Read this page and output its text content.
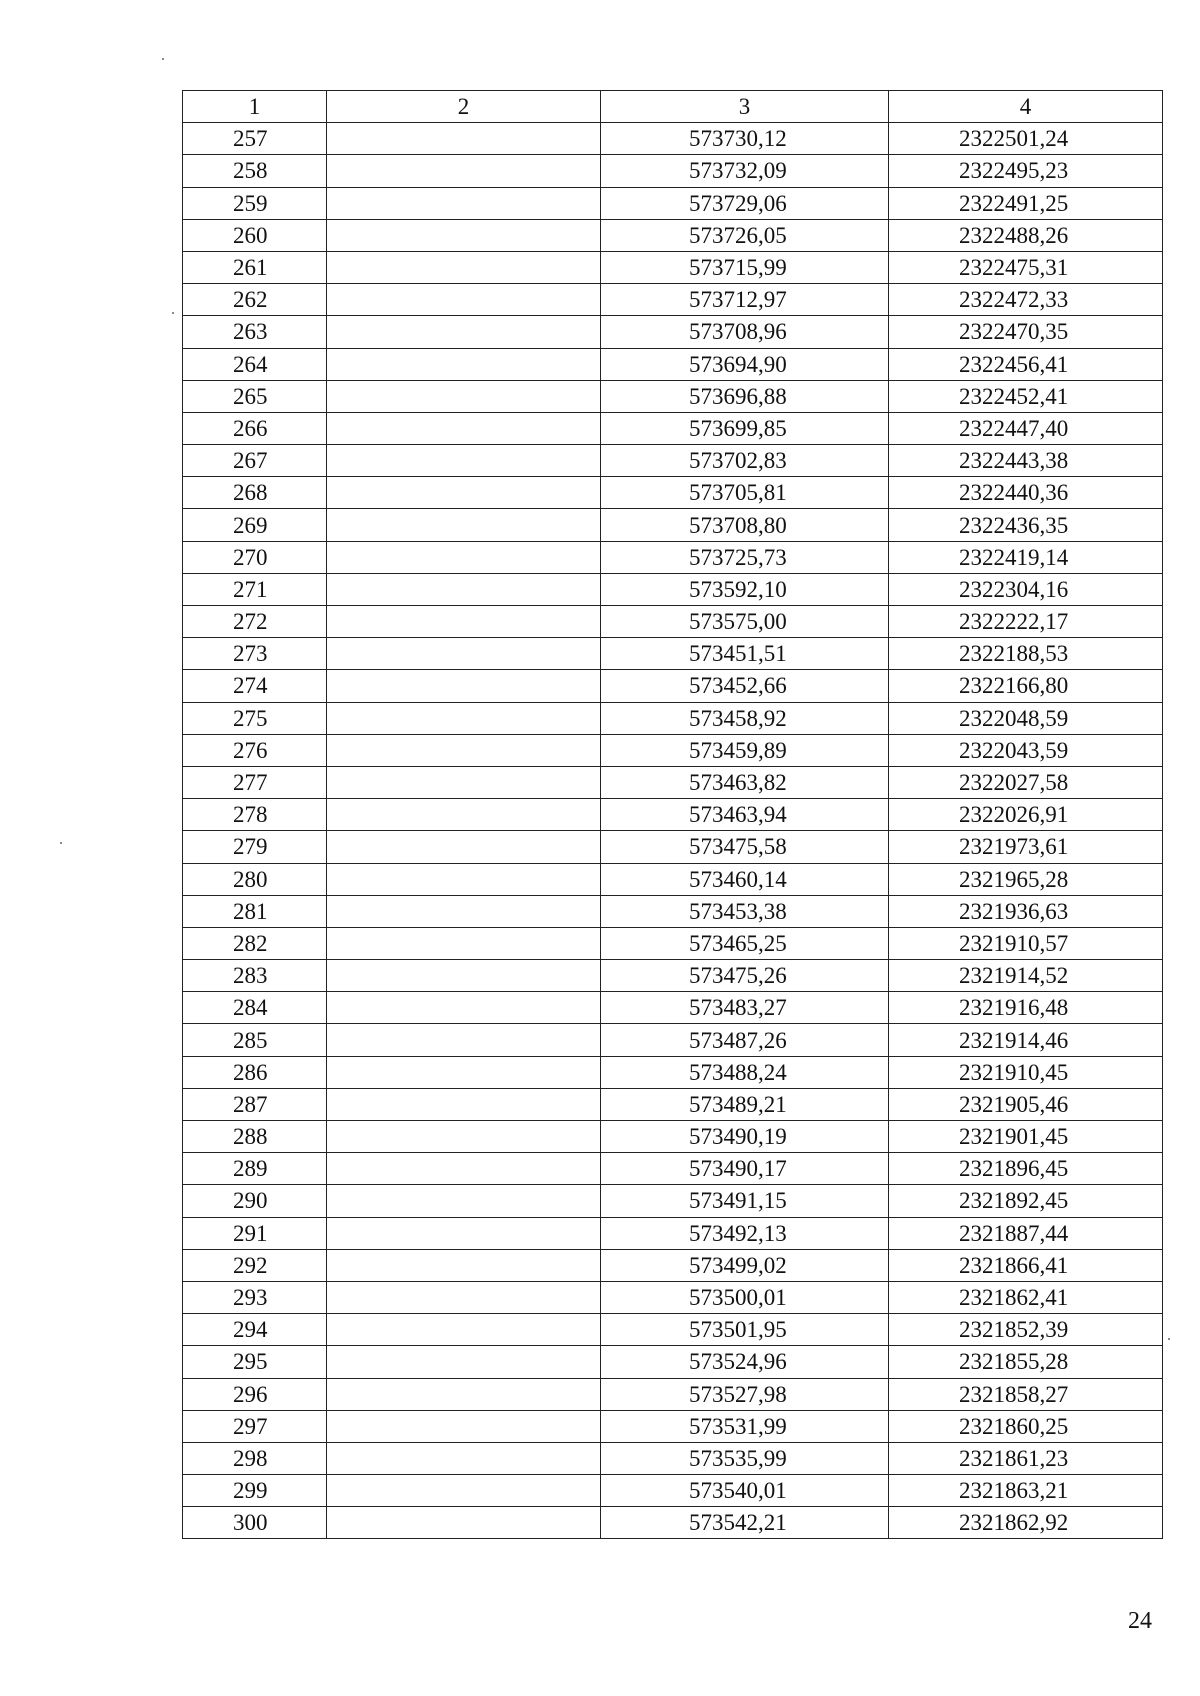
1	2	3	4
257		573730,12	2322501,24
258		573732,09	2322495,23
259		573729,06	2322491,25
260		573726,05	2322488,26
261		573715,99	2322475,31
262		573712,97	2322472,33
263		573708,96	2322470,35
264		573694,90	2322456,41
265		573696,88	2322452,41
266		573699,85	2322447,40
267		573702,83	2322443,38
268		573705,81	2322440,36
269		573708,80	2322436,35
270		573725,73	2322419,14
271		573592,10	2322304,16
272		573575,00	2322222,17
273		573451,51	2322188,53
274		573452,66	2322166,80
275		573458,92	2322048,59
276		573459,89	2322043,59
277		573463,82	2322027,58
278		573463,94	2322026,91
279		573475,58	2321973,61
280		573460,14	2321965,28
281		573453,38	2321936,63
282		573465,25	2321910,57
283		573475,26	2321914,52
284		573483,27	2321916,48
285		573487,26	2321914,46
286		573488,24	2321910,45
287		573489,21	2321905,46
288		573490,19	2321901,45
289		573490,17	2321896,45
290		573491,15	2321892,45
291		573492,13	2321887,44
292		573499,02	2321866,41
293		573500,01	2321862,41
294		573501,95	2321852,39
295		573524,96	2321855,28
296		573527,98	2321858,27
297		573531,99	2321860,25
298		573535,99	2321861,23
299		573540,01	2321863,21
300		573542,21	2321862,92
24
